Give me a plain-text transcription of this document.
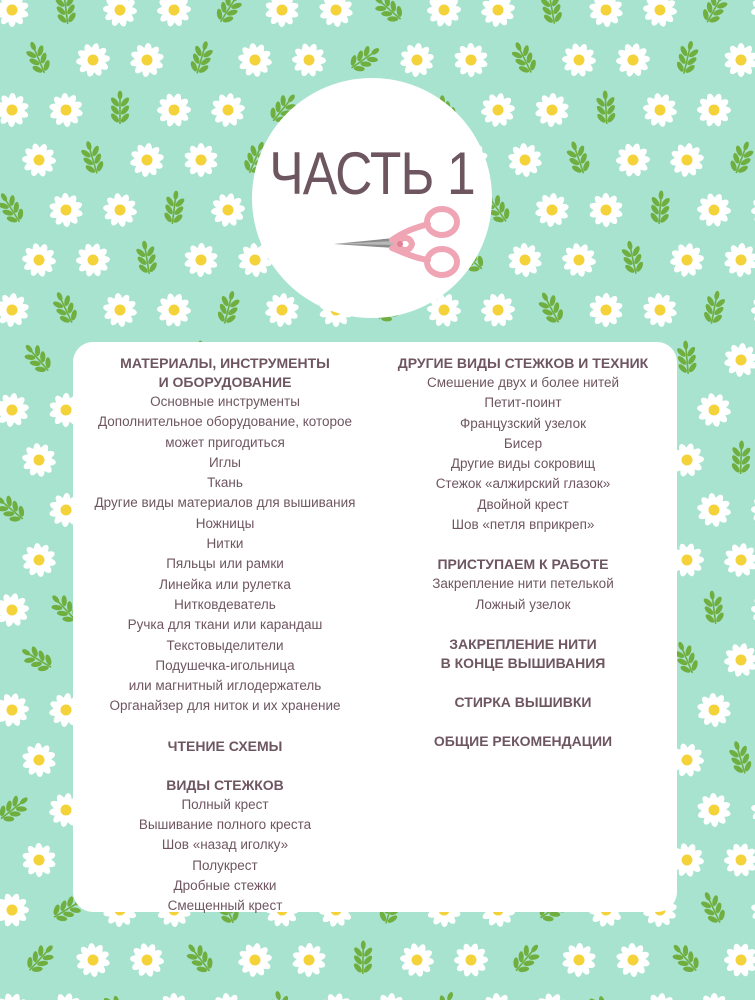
ЧАСТЬ 1
МАТЕРИАЛЫ, ИНСТРУМЕНТЫ
И ОБОРУДОВАНИЕ
Основные инструменты
Дополнительное оборудование, которое
может пригодиться
Иглы
Ткань
Другие виды материалов для вышивания
Ножницы
Нитки
Пяльцы или рамки
Линейка или рулетка
Нитковдеватель
Ручка для ткани или карандаш
Текстовыделители
Подушечка-игольница
или магнитный иглодержатель
Органайзер для ниток и их хранение
ЧТЕНИЕ СХЕМЫ
ВИДЫ СТЕЖКОВ
Полный крест
Вышивание полного креста
Шов «назад иголку»
Полукрест
Дробные стежки
Смещенный крест
ДРУГИЕ ВИДЫ СТЕЖКОВ И ТЕХНИК
Смешение двух и более нитей
Петит-поинт
Французский узелок
Бисер
Другие виды сокровищ
Стежок «алжирский глазок»
Двойной крест
Шов «петля вприкреп»
ПРИСТУПАЕМ К РАБОТЕ
Закрепление нити петелькой
Ложный узелок
ЗАКРЕПЛЕНИЕ НИТИ
В КОНЦЕ ВЫШИВАНИЯ
СТИРКА ВЫШИВКИ
ОБЩИЕ РЕКОМЕНДАЦИИ
